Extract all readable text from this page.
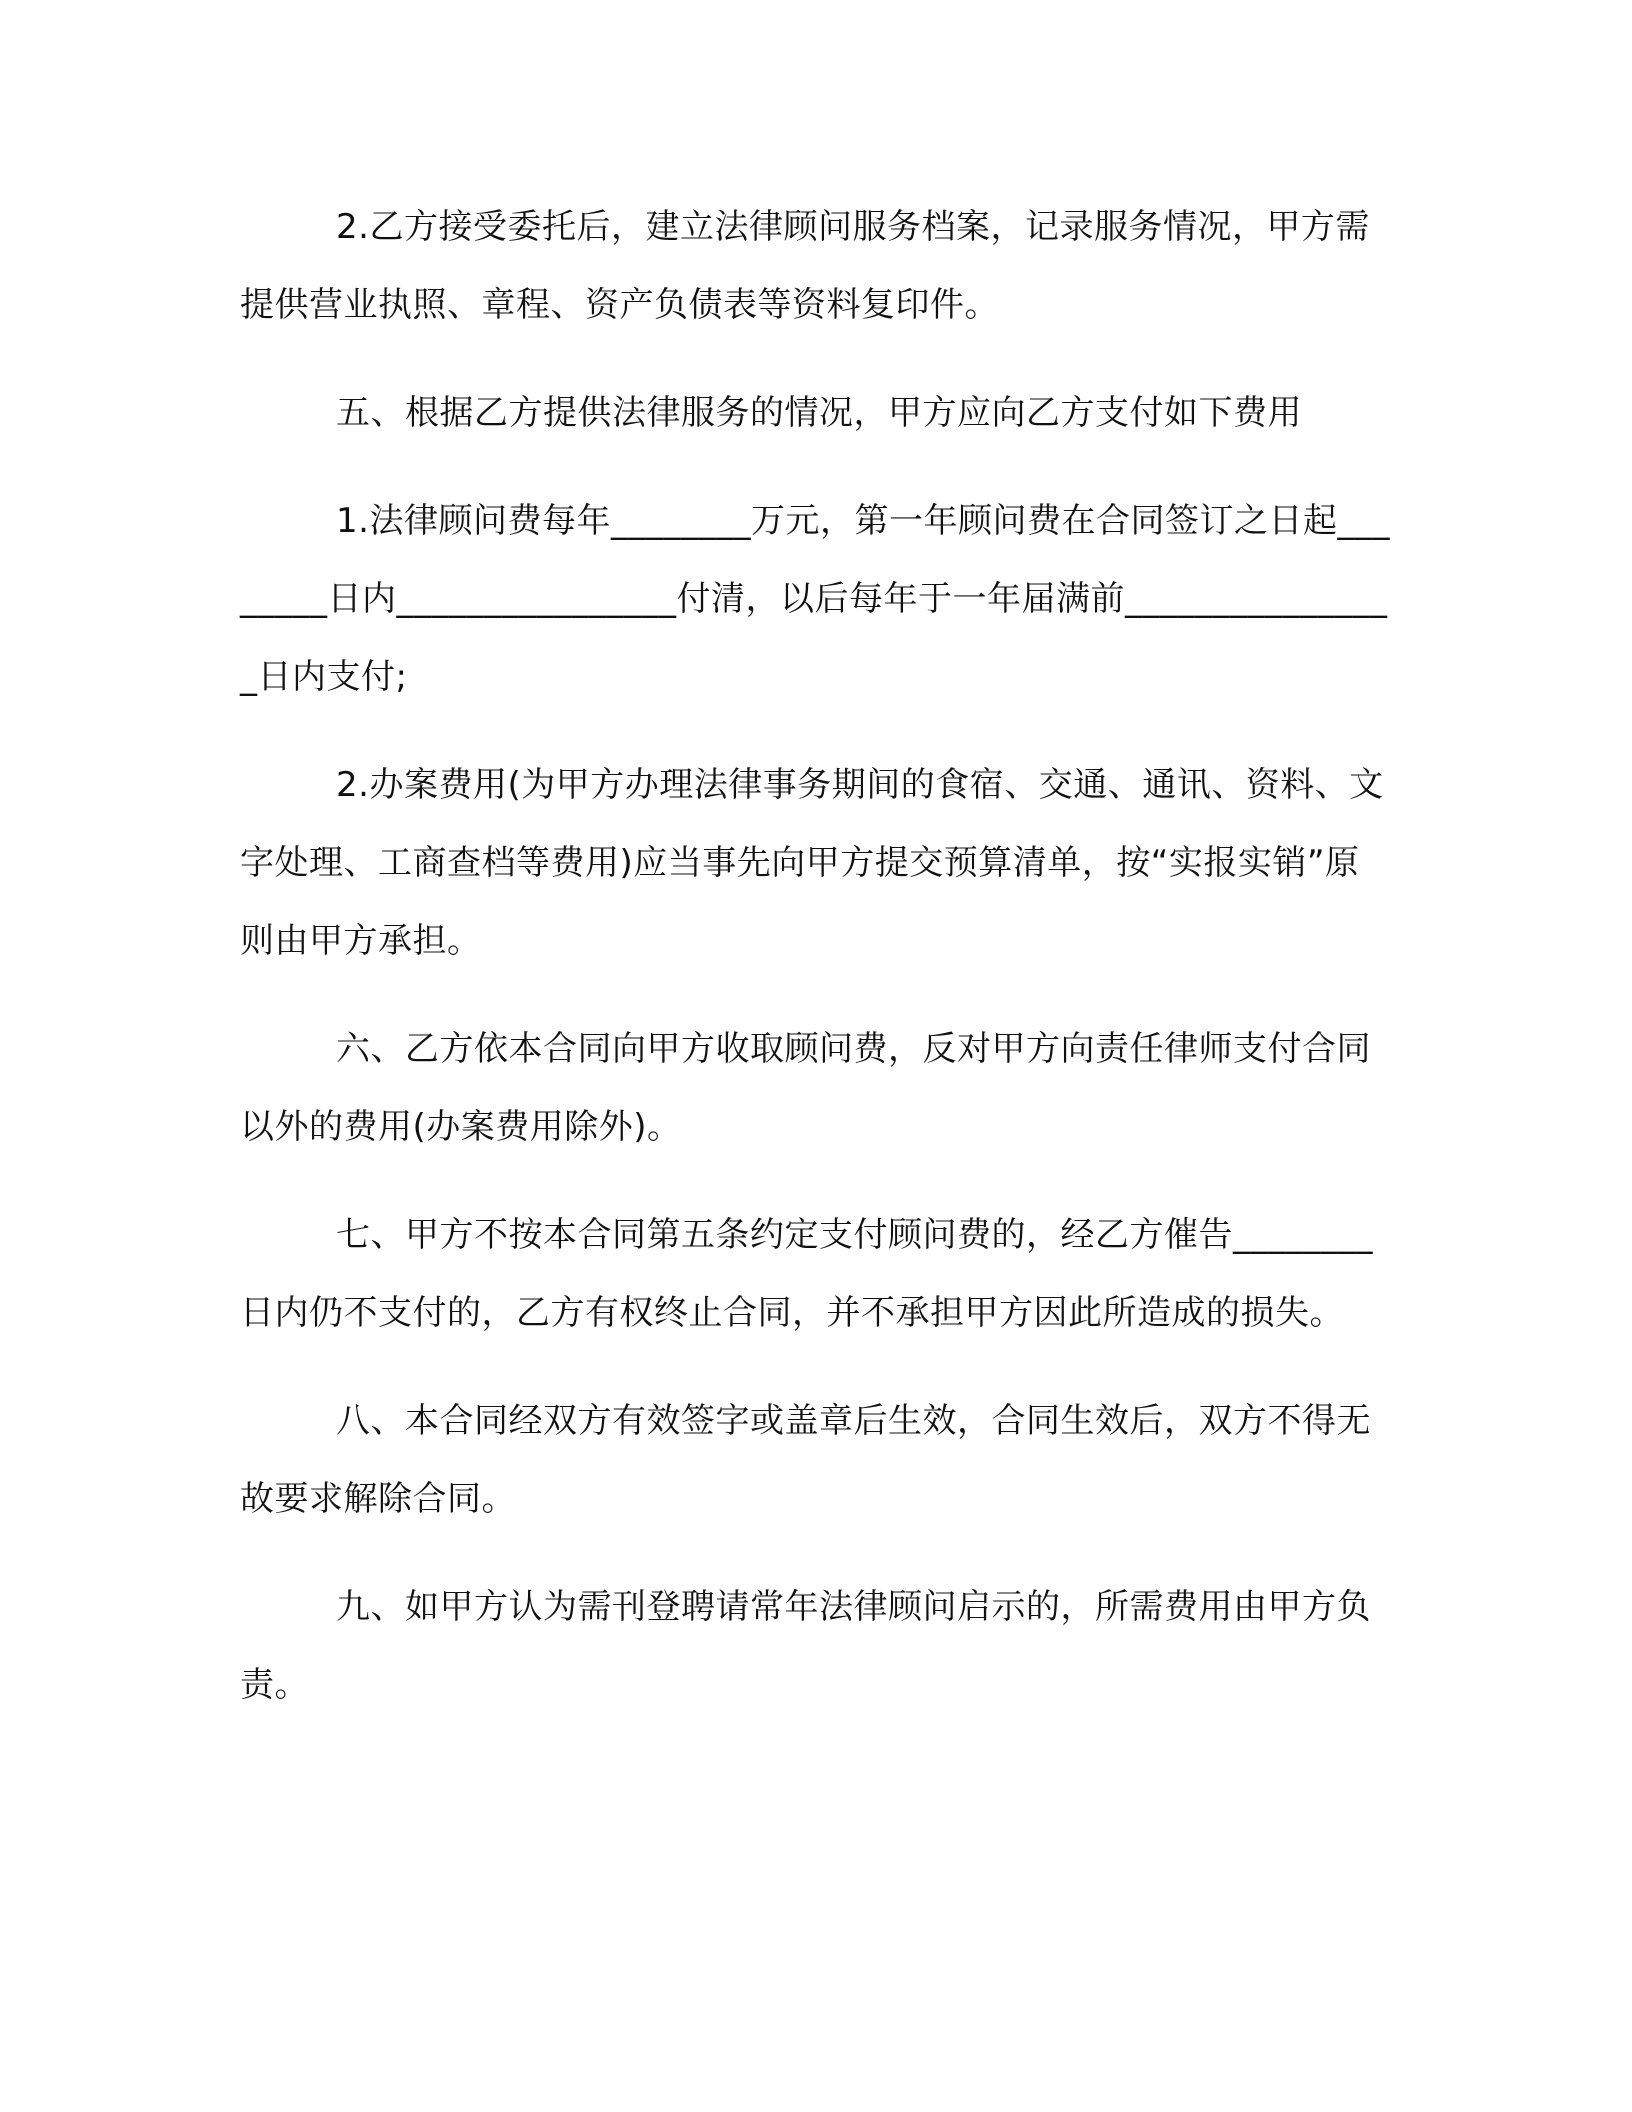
2.乙方接受委托后，建立法律顾问服务档案，记录服务情况，甲方需提供营业执照、章程、资产负债表等资料复印件。

五、根据乙方提供法律服务的情况，甲方应向乙方支付如下费用

1.法律顾问费每年________万元，第一年顾问费在合同签订之日起________日内________________付清，以后每年于一年届满前________________日内支付;

2.办案费用(为甲方办理法律事务期间的食宿、交通、通讯、资料、文字处理、工商查档等费用)应当事先向甲方提交预算清单，按“实报实销”原则由甲方承担。

六、乙方依本合同向甲方收取顾问费，反对甲方向责任律师支付合同以外的费用(办案费用除外)。

七、甲方不按本合同第五条约定支付顾问费的，经乙方催告________日内仍不支付的，乙方有权终止合同，并不承担甲方因此所造成的损失。

八、本合同经双方有效签字或盖章后生效，合同生效后，双方不得无故要求解除合同。

九、如甲方认为需刊登聘请常年法律顾问启示的，所需费用由甲方负责。
